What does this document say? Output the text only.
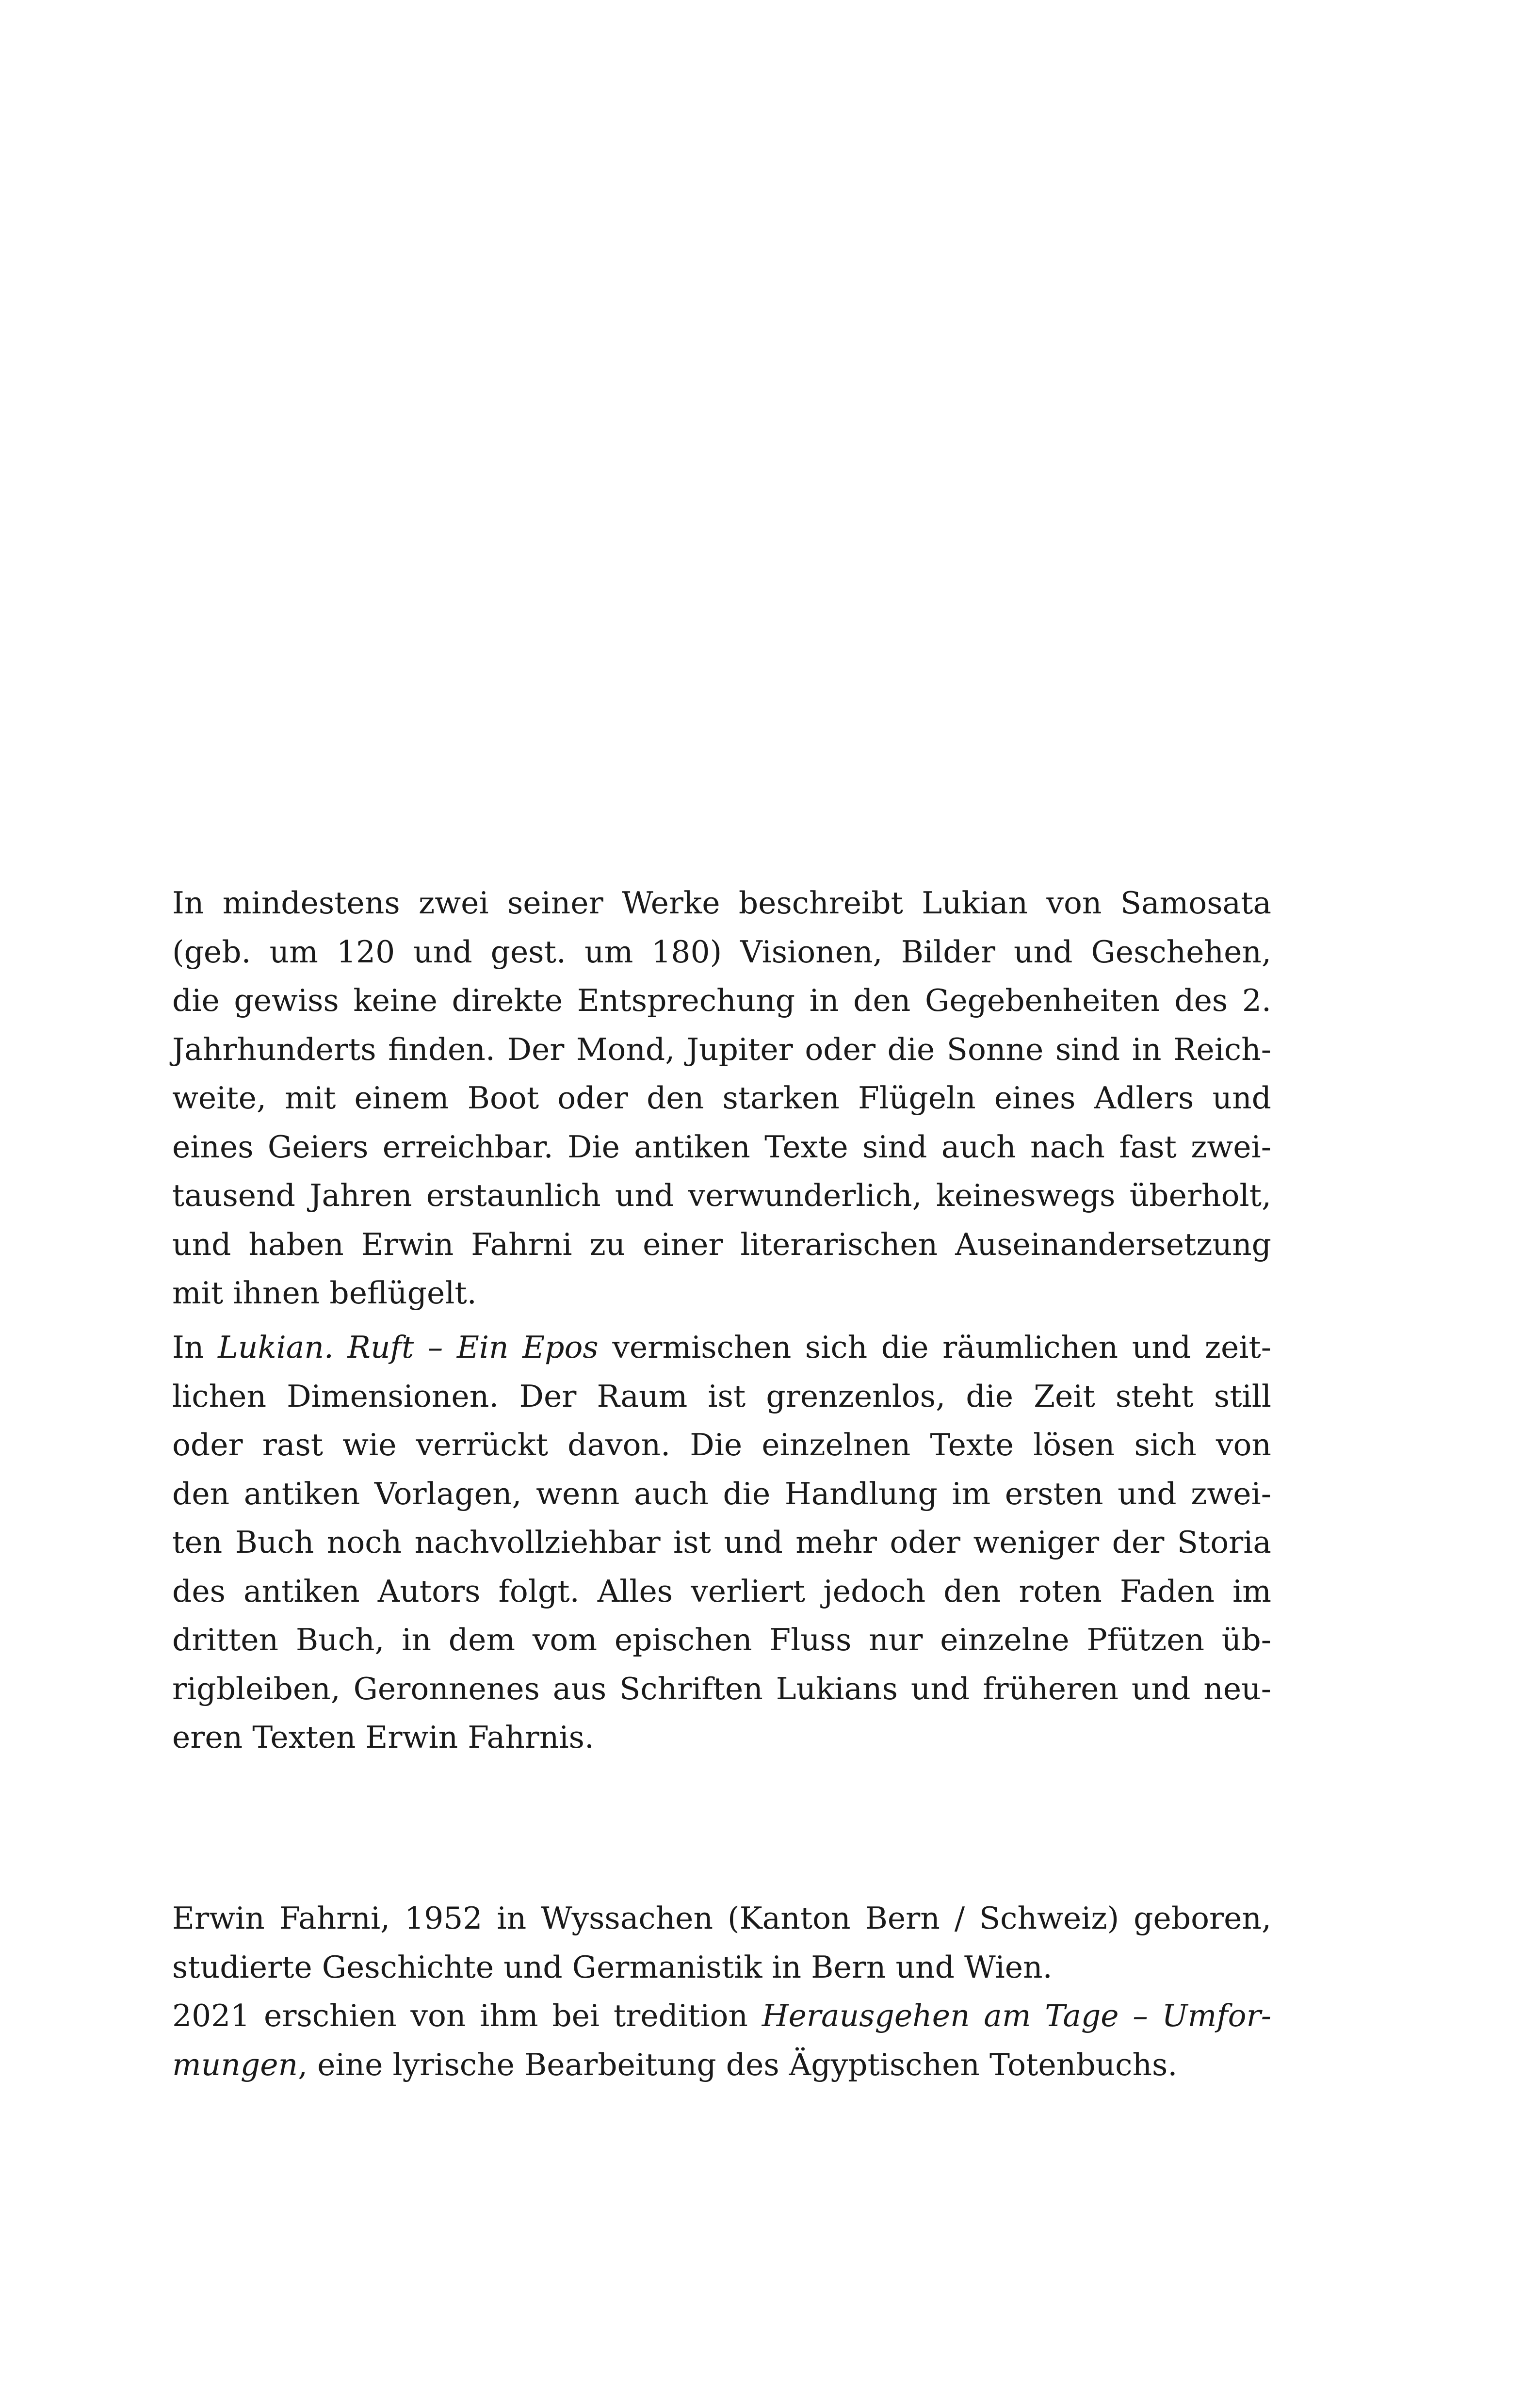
In mindestens zwei seiner Werke beschreibt Lukian von Samosata
(geb. um 120 und gest. um 180) Visionen, Bilder und Geschehen,
die gewiss keine direkte Entsprechung in den Gegebenheiten des 2.
Jahrhunderts finden. Der Mond, Jupiter oder die Sonne sind in Reich-
weite, mit einem Boot oder den starken Flügeln eines Adlers und
eines Geiers erreichbar. Die antiken Texte sind auch nach fast zwei-
tausend Jahren erstaunlich und verwunderlich, keineswegs überholt,
und haben Erwin Fahrni zu einer literarischen Auseinandersetzung
mit ihnen beflügelt.
In Lukian. Ruft – Ein Epos vermischen sich die räumlichen und zeit-
lichen Dimensionen. Der Raum ist grenzenlos, die Zeit steht still
oder rast wie verrückt davon. Die einzelnen Texte lösen sich von
den antiken Vorlagen, wenn auch die Handlung im ersten und zwei-
ten Buch noch nachvollziehbar ist und mehr oder weniger der Storia
des antiken Autors folgt. Alles verliert jedoch den roten Faden im
dritten Buch, in dem vom epischen Fluss nur einzelne Pfützen üb-
rigbleiben, Geronnenes aus Schriften Lukians und früheren und neu-
eren Texten Erwin Fahrnis.
Erwin Fahrni, 1952 in Wyssachen (Kanton Bern / Schweiz) geboren,
studierte Geschichte und Germanistik in Bern und Wien.
2021 erschien von ihm bei tredition Herausgehen am Tage – Umfor-
mungen, eine lyrische Bearbeitung des Ägyptischen Totenbuchs.
